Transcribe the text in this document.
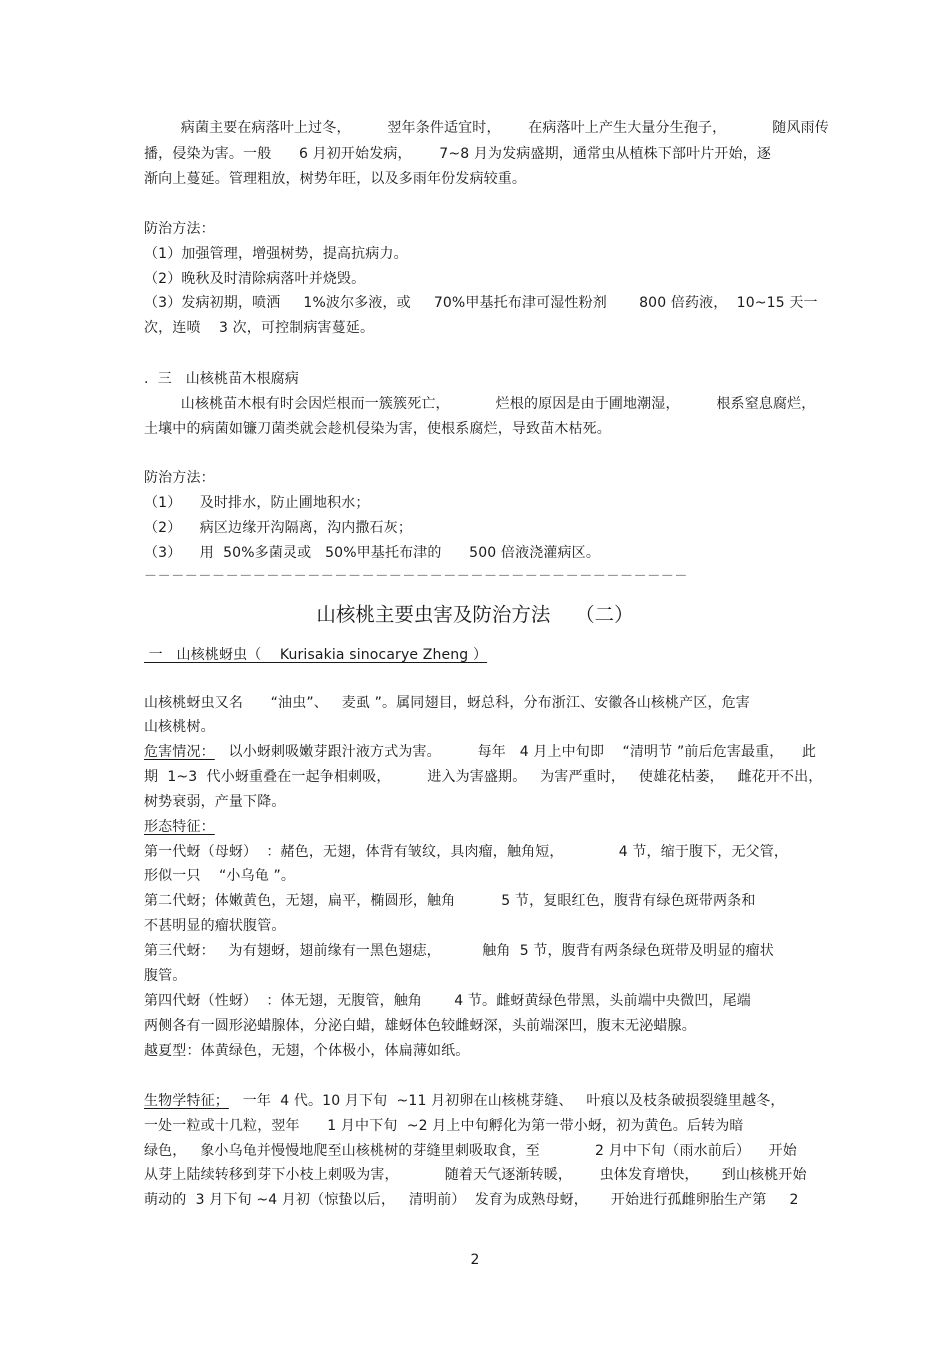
病菌主要在病落叶上过冬，        翌年条件适宜时，      在病落叶上产生大量分生孢子，          随风雨传
播，侵染为害。一般      6 月初开始发病，      7~8 月为发病盛期，通常虫从植株下部叶片开始，逐
渐向上蔓延。管理粗放，树势年旺，以及多雨年份发病较重。
防治方法：
（1）加强管理，增强树势，提高抗病力。
（2）晚秋及时清除病落叶并烧毁。
（3）发病初期，喷洒     1%波尔多液，或     70%甲基托布津可湿性粉剂       800 倍药液，  10~15 天一
次，连喷    3 次，可控制病害蔓延。
.  三   山核桃苗木根腐病
山核桃苗木根有时会因烂根而一簇簇死亡，          烂根的原因是由于圃地潮湿，        根系窒息腐烂，
土壤中的病菌如镰刀菌类就会趁机侵染为害，使根系腐烂，导致苗木枯死。
防治方法：
（1）    及时排水，防止圃地积水；
（2）    病区边缘开沟隔离，沟内撒石灰；
（3）    用  50%多菌灵或   50%甲基托布津的      500 倍液浇灌病区。
－－－－－－－－－－－－－－－－－－－－－－－－－－－－－－－－－－－－－－－－
山核桃主要虫害及防治方法    （二）
一   山核桃蚜虫（    Kurisakia sinocarye Zheng ）
山核桃蚜虫又名      “油虫”、   麦虱 ”。属同翅目，蚜总科，分布浙江、安徽各山核桃产区，危害
山核桃树。
危害情况：   以小蚜刺吸嫩芽跟汁液方式为害。        每年   4 月上中旬即    “清明节 ”前后危害最重，    此
期  1~3  代小蚜重叠在一起争相刺吸，        进入为害盛期。   为害严重时，   使雄花枯萎，   雌花开不出，
树势衰弱，产量下降。
形态特征：
第一代蚜（母蚜）  ：赭色，无翅，体背有皱纹，具肉瘤，触角短，            4 节，缩于腹下，无父管，
形似一只    “小乌龟 ”。
第二代蚜；体嫩黄色，无翅，扁平，椭圆形，触角          5 节，复眼红色，腹背有绿色斑带两条和
不甚明显的瘤状腹管。
第三代蚜：   为有翅蚜，翅前缘有一黑色翅痣，         触角  5 节，腹背有两条绿色斑带及明显的瘤状
腹管。
第四代蚜（性蚜）  ：体无翅，无腹管，触角       4 节。雌蚜黄绿色带黑，头前端中央微凹，尾端
两侧各有一圆形泌蜡腺体，分泌白蜡，雄蚜体色较雌蚜深，头前端深凹，腹末无泌蜡腺。
越夏型：体黄绿色，无翅，个体极小，体扁薄如纸。
生物学特征；   一年  4 代。10 月下旬  ~11 月初卵在山核桃芽缝、   叶痕以及枝条破损裂缝里越冬，
一处一粒或十几粒，翌年      1 月中下旬  ~2 月上中旬孵化为第一带小蚜，初为黄色。后转为暗
绿色，   象小乌龟并慢慢地爬至山核桃树的芽缝里刺吸取食，至            2 月中下旬（雨水前后）    开始
从芽上陆续转移到芽下小枝上刺吸为害，          随着天气逐渐转暖，      虫体发育增快，     到山核桃开始
萌动的  3 月下旬 ~4 月初（惊蛰以后，   清明前）  发育为成熟母蚜，     开始进行孤雌卵胎生产第     2
2
